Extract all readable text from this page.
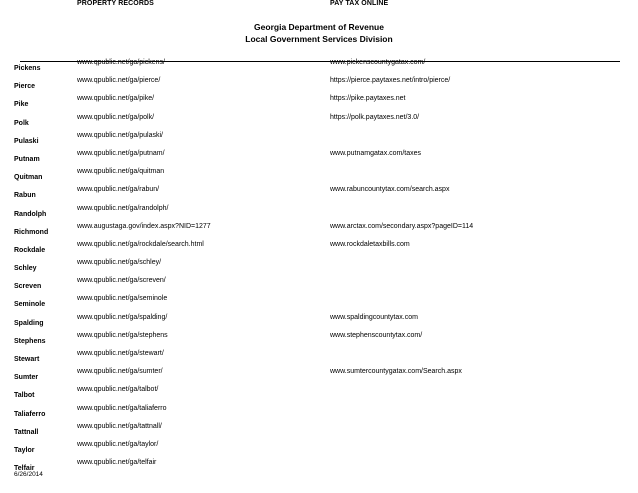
Georgia Department of Revenue
Local Government Services Division
PROPERTY RECORDS	PAY TAX ONLINE
Pickens
www.qpublic.net/ga/pickens/	www.pickenscountygatax.com/
Pierce
www.qpublic.net/ga/pierce/	https://pierce.paytaxes.net/intro/pierce/
Pike
www.qpublic.net/ga/pike/	https://pike.paytaxes.net
Polk
www.qpublic.net/ga/polk/	https://polk.paytaxes.net/3.0/
Pulaski
www.qpublic.net/ga/pulaski/
Putnam
www.qpublic.net/ga/putnam/	www.putnamgatax.com/taxes
Quitman
www.qpublic.net/ga/quitman
Rabun
www.qpublic.net/ga/rabun/	www.rabuncountytax.com/search.aspx
Randolph
www.qpublic.net/ga/randolph/
Richmond
www.augustaga.gov/index.aspx?NID=1277	www.arctax.com/secondary.aspx?pageID=114
Rockdale
www.qpublic.net/ga/rockdale/search.html	www.rockdaletaxbills.com
Schley
www.qpublic.net/ga/schley/
Screven
www.qpublic.net/ga/screven/
Seminole
www.qpublic.net/ga/seminole
Spalding
www.qpublic.net/ga/spalding/	www.spaldingcountytax.com
Stephens
www.qpublic.net/ga/stephens	www.stephenscountytax.com/
Stewart
www.qpublic.net/ga/stewart/
Sumter
www.qpublic.net/ga/sumter/	www.sumtercountygatax.com/Search.aspx
Talbot
www.qpublic.net/ga/talbot/
Taliaferro
www.qpublic.net/ga/taliaferro
Tattnall
www.qpublic.net/ga/tattnall/
Taylor
www.qpublic.net/ga/taylor/
Telfair
www.qpublic.net/ga/telfair
6/26/2014
